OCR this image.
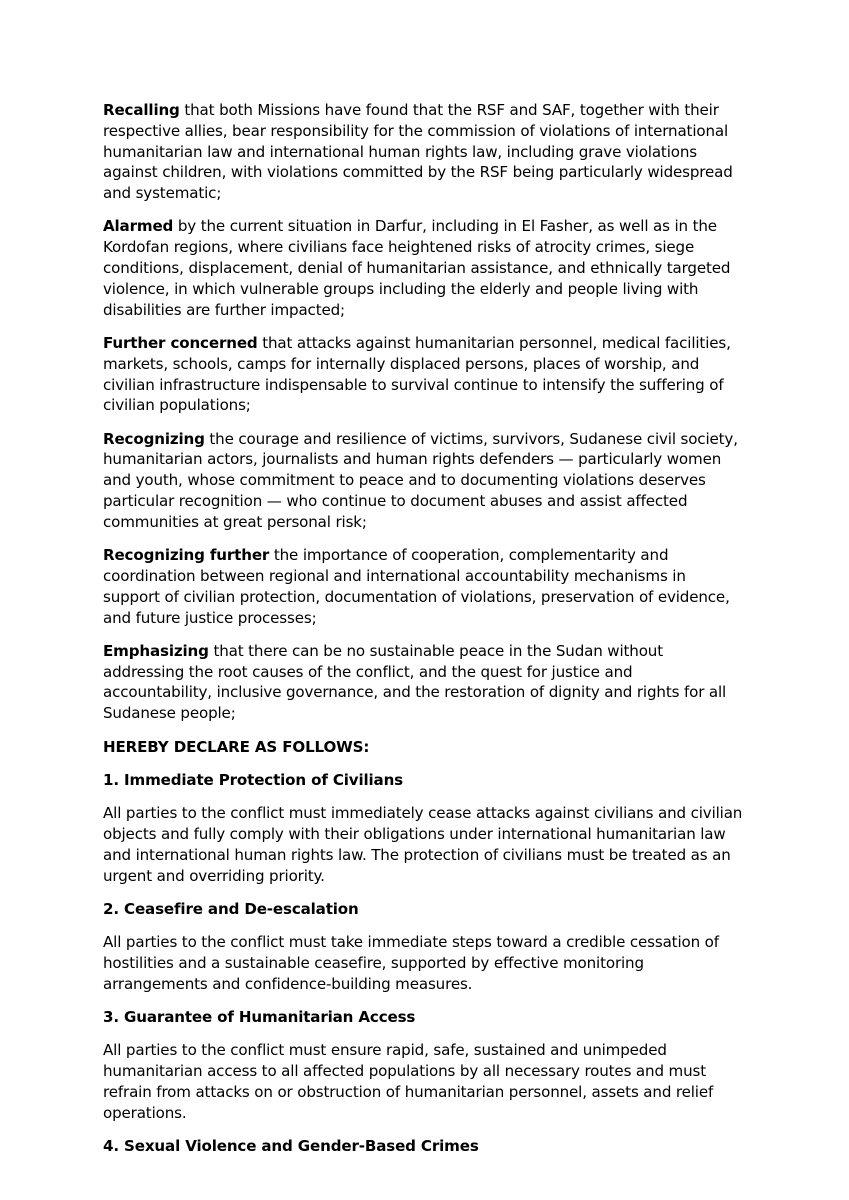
Recalling that both Missions have found that the RSF and SAF, together with their respective allies, bear responsibility for the commission of violations of international humanitarian law and international human rights law, including grave violations against children, with violations committed by the RSF being particularly widespread and systematic;

Alarmed by the current situation in Darfur, including in El Fasher, as well as in the Kordofan regions, where civilians face heightened risks of atrocity crimes, siege conditions, displacement, denial of humanitarian assistance, and ethnically targeted violence, in which vulnerable groups including the elderly and people living with disabilities are further impacted;

Further concerned that attacks against humanitarian personnel, medical facilities, markets, schools, camps for internally displaced persons, places of worship, and civilian infrastructure indispensable to survival continue to intensify the suffering of civilian populations;

Recognizing the courage and resilience of victims, survivors, Sudanese civil society, humanitarian actors, journalists and human rights defenders — particularly women and youth, whose commitment to peace and to documenting violations deserves particular recognition — who continue to document abuses and assist affected communities at great personal risk;

Recognizing further the importance of cooperation, complementarity and coordination between regional and international accountability mechanisms in support of civilian protection, documentation of violations, preservation of evidence, and future justice processes;

Emphasizing that there can be no sustainable peace in the Sudan without addressing the root causes of the conflict, and the quest for justice and accountability, inclusive governance, and the restoration of dignity and rights for all Sudanese people;

HEREBY DECLARE AS FOLLOWS:

1. Immediate Protection of Civilians

All parties to the conflict must immediately cease attacks against civilians and civilian objects and fully comply with their obligations under international humanitarian law and international human rights law. The protection of civilians must be treated as an urgent and overriding priority.

2. Ceasefire and De-escalation

All parties to the conflict must take immediate steps toward a credible cessation of hostilities and a sustainable ceasefire, supported by effective monitoring arrangements and confidence-building measures.

3. Guarantee of Humanitarian Access

All parties to the conflict must ensure rapid, safe, sustained and unimpeded humanitarian access to all affected populations by all necessary routes and must refrain from attacks on or obstruction of humanitarian personnel, assets and relief operations.

4. Sexual Violence and Gender-Based Crimes
